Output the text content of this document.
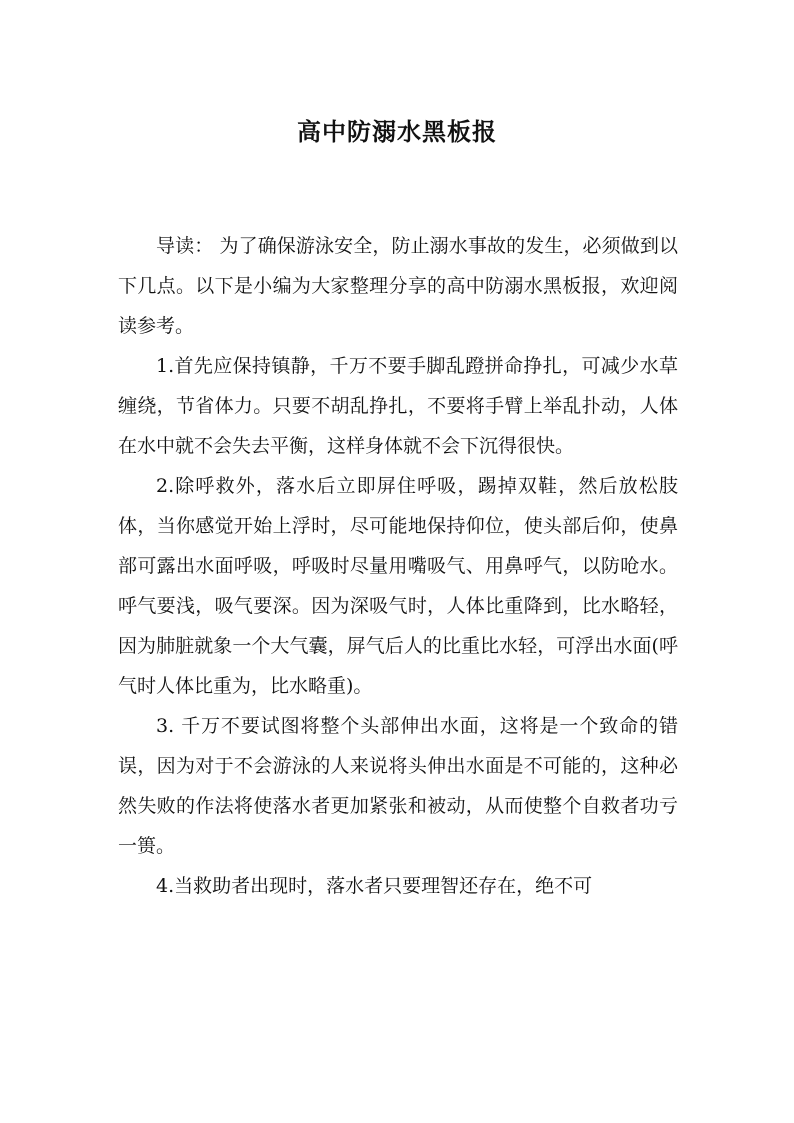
高中防溺水黑板报

导读： 为了确保游泳安全，防止溺水事故的发生，必须做到以下几点。以下是小编为大家整理分享的高中防溺水黑板报，欢迎阅读参考。

1.首先应保持镇静，千万不要手脚乱蹬拼命挣扎，可减少水草缠绕，节省体力。只要不胡乱挣扎，不要将手臂上举乱扑动，人体在水中就不会失去平衡，这样身体就不会下沉得很快。

2.除呼救外，落水后立即屏住呼吸，踢掉双鞋，然后放松肢体，当你感觉开始上浮时，尽可能地保持仰位，使头部后仰，使鼻部可露出水面呼吸，呼吸时尽量用嘴吸气、用鼻呼气，以防呛水。呼气要浅，吸气要深。因为深吸气时，人体比重降到，比水略轻，因为肺脏就象一个大气囊，屏气后人的比重比水轻，可浮出水面(呼气时人体比重为，比水略重)。

3. 千万不要试图将整个头部伸出水面，这将是一个致命的错误，因为对于不会游泳的人来说将头伸出水面是不可能的，这种必然失败的作法将使落水者更加紧张和被动，从而使整个自救者功亏一篑。

4.当救助者出现时，落水者只要理智还存在，绝不可
